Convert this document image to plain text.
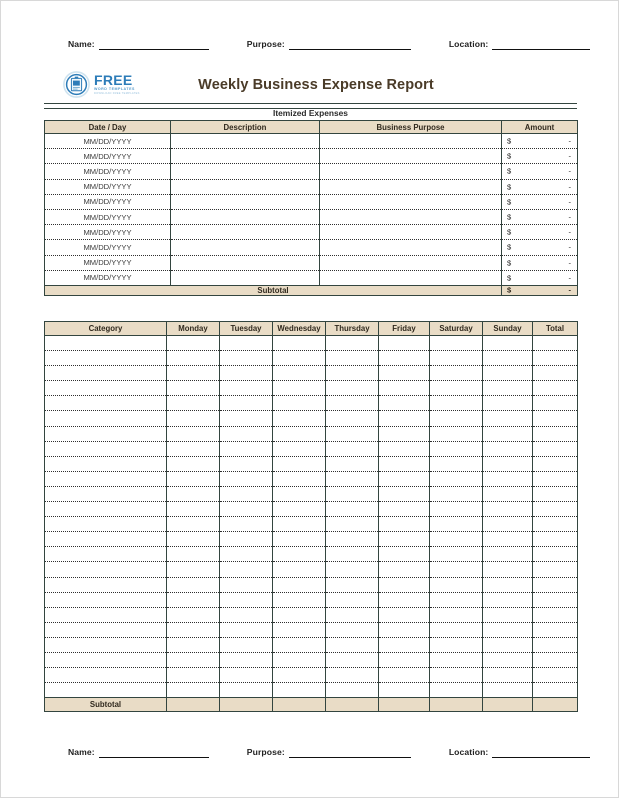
Name:	Purpose:	Location:
FREE
WORD TEMPLATES
DOWNLOAD FREE TEMPLATES	Weekly Business Expense Report
Itemized Expenses
Date / Day	Description	Business Purpose	Amount
MM/DD/YYYY			$ -

MM/DD/YYYY			$ -

MM/DD/YYYY			$ -

MM/DD/YYYY			$ -

MM/DD/YYYY			$ -

MM/DD/YYYY			$ -

MM/DD/YYYY			$ -

MM/DD/YYYY			$ -

MM/DD/YYYY			$ -

MM/DD/YYYY			$ -

Subtotal			$ -
Category	Monday	Tuesday	Wednesday	Thursday	Friday	Saturday	Sunday	Total

Subtotal								
Name:	Purpose:	Location:
